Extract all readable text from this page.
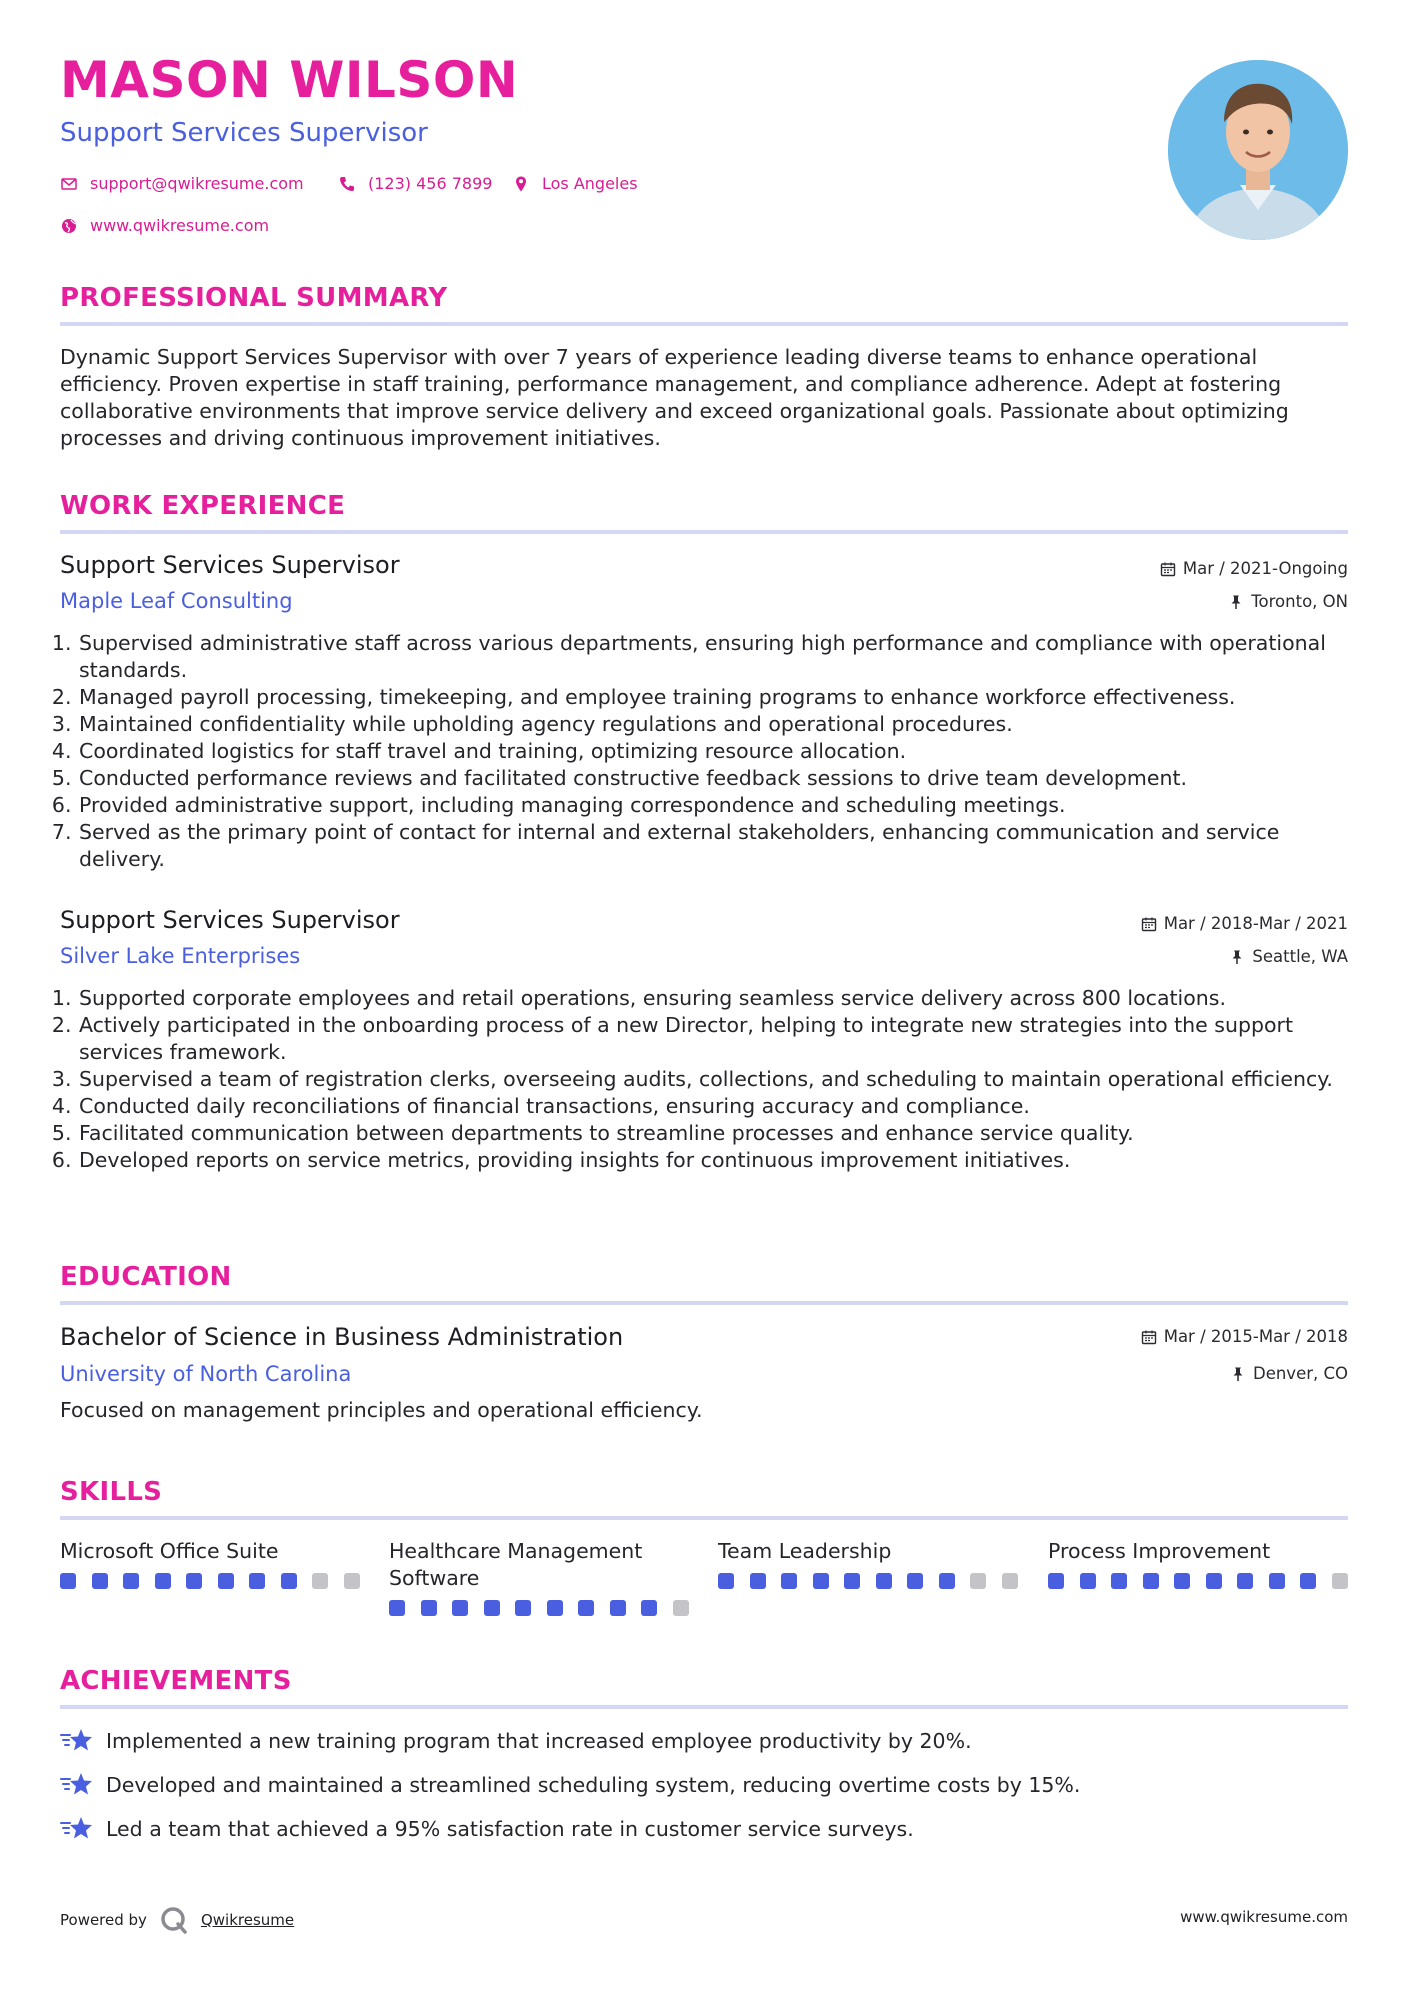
MASON WILSON
Support Services Supervisor
support@qwikresume.com	(123) 456 7899	Los Angeles
www.qwikresume.com
PROFESSIONAL SUMMARY

Dynamic Support Services Supervisor with over 7 years of experience leading diverse teams to enhance operational efficiency. Proven expertise in staff training, performance management, and compliance adherence. Adept at fostering collaborative environments that improve service delivery and exceed organizational goals. Passionate about optimizing processes and driving continuous improvement initiatives.

WORK EXPERIENCE
Support Services Supervisor	Mar / 2021-Ongoing
Maple Leaf Consulting	Toronto, ON
1. Supervised administrative staff across various departments, ensuring high performance and compliance with operational standards.
2. Managed payroll processing, timekeeping, and employee training programs to enhance workforce effectiveness.
3. Maintained confidentiality while upholding agency regulations and operational procedures.
4. Coordinated logistics for staff travel and training, optimizing resource allocation.
5. Conducted performance reviews and facilitated constructive feedback sessions to drive team development.
6. Provided administrative support, including managing correspondence and scheduling meetings.
7. Served as the primary point of contact for internal and external stakeholders, enhancing communication and service delivery.
Support Services Supervisor	Mar / 2018-Mar / 2021
Silver Lake Enterprises	Seattle, WA
1. Supported corporate employees and retail operations, ensuring seamless service delivery across 800 locations.
2. Actively participated in the onboarding process of a new Director, helping to integrate new strategies into the support services framework.
3. Supervised a team of registration clerks, overseeing audits, collections, and scheduling to maintain operational efficiency.
4. Conducted daily reconciliations of financial transactions, ensuring accuracy and compliance.
5. Facilitated communication between departments to streamline processes and enhance service quality.
6. Developed reports on service metrics, providing insights for continuous improvement initiatives.
EDUCATION
Bachelor of Science in Business Administration	Mar / 2015-Mar / 2018
University of North Carolina	Denver, CO

Focused on management principles and operational efficiency.

SKILLS
Microsoft Office Suite	Healthcare Management Software
Team Leadership	Process Improvement
ACHIEVEMENTS
Implemented a new training program that increased employee productivity by 20%.
Developed and maintained a streamlined scheduling system, reducing overtime costs by 15%.
Led a team that achieved a 95% satisfaction rate in customer service surveys.
Powered by	Qwikresume	www.qwikresume.com
